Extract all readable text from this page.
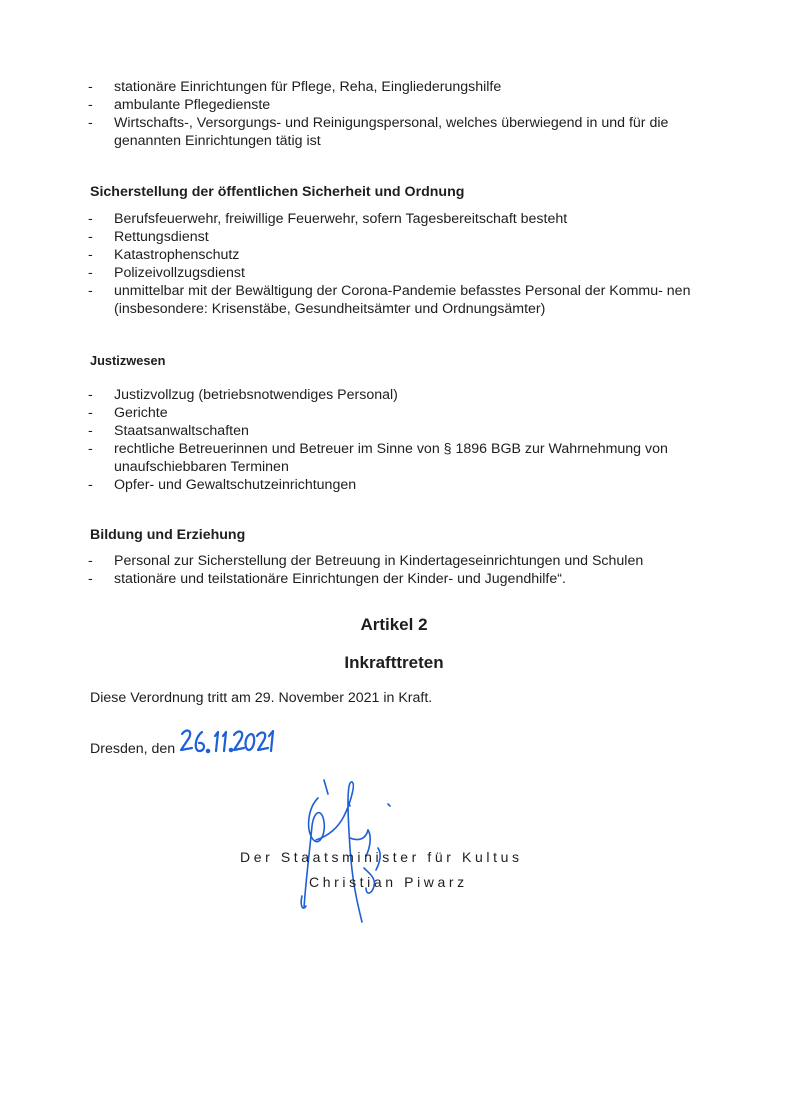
- stationäre Einrichtungen für Pflege, Reha, Eingliederungshilfe
- ambulante Pflegedienste
- Wirtschafts-, Versorgungs- und Reinigungspersonal, welches überwiegend in und für die genannten Einrichtungen tätig ist
Sicherstellung der öffentlichen Sicherheit und Ordnung
- Berufsfeuerwehr, freiwillige Feuerwehr, sofern Tagesbereitschaft besteht
- Rettungsdienst
- Katastrophenschutz
- Polizeivollzugsdienst
- unmittelbar mit der Bewältigung der Corona-Pandemie befasstes Personal der Kommu- nen (insbesondere: Krisenstäbe, Gesundheitsämter und Ordnungsämter)
Justizwesen
- Justizvollzug (betriebsnotwendiges Personal)
- Gerichte
- Staatsanwaltschaften
- rechtliche Betreuerinnen und Betreuer im Sinne von § 1896 BGB zur Wahrnehmung von unaufschiebbaren Terminen
- Opfer- und Gewaltschutzeinrichtungen
Bildung und Erziehung
- Personal zur Sicherstellung der Betreuung in Kindertageseinrichtungen und Schulen
- stationäre und teilstationäre Einrichtungen der Kinder- und Jugendhilfe“.
Artikel 2
Inkrafttreten
Diese Verordnung tritt am 29. November 2021 in Kraft.
Dresden, den
Der Staatsminister für Kultus
Christian Piwarz
